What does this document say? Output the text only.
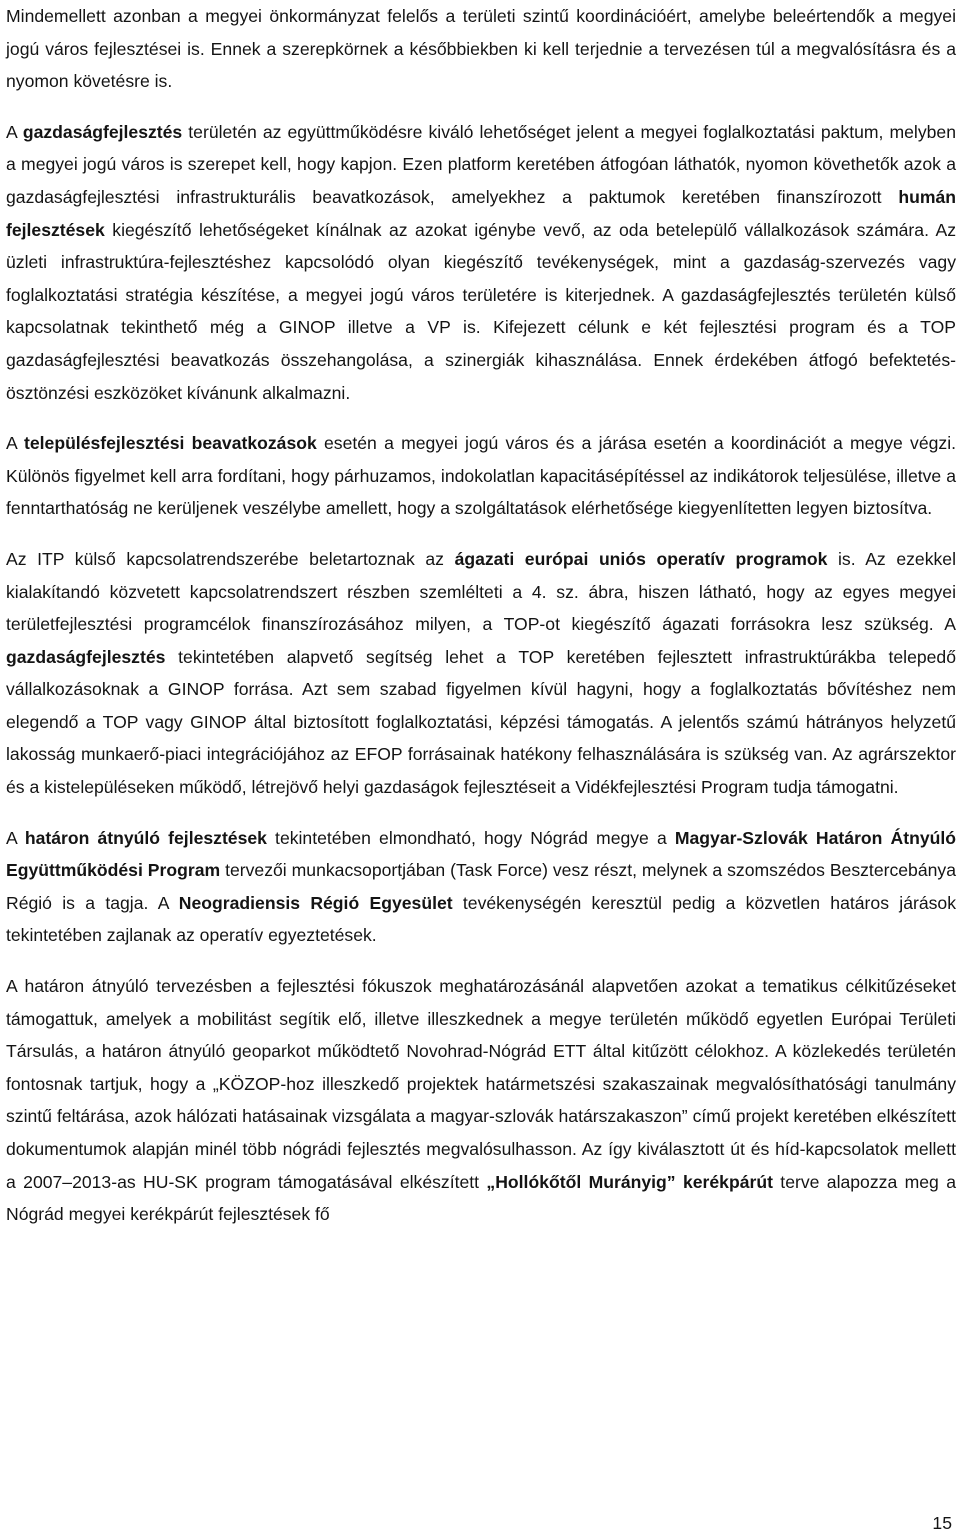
Mindemellett azonban a megyei önkormányzat felelős a területi szintű koordinációért, amelybe beleértendők a megyei jogú város fejlesztései is. Ennek a szerepkörnek a későbbiekben ki kell terjednie a tervezésen túl a megvalósításra és a nyomon követésre is.

A gazdaságfejlesztés területén az együttműködésre kiváló lehetőséget jelent a megyei foglalkoztatási paktum, melyben a megyei jogú város is szerepet kell, hogy kapjon. Ezen platform keretében átfogóan láthatók, nyomon követhetők azok a gazdaságfejlesztési infrastrukturális beavatkozások, amelyekhez a paktumok keretében finanszírozott humán fejlesztések kiegészítő lehetőségeket kínálnak az azokat igénybe vevő, az oda betelepülő vállalkozások számára. Az üzleti infrastruktúra-fejlesztéshez kapcsolódó olyan kiegészítő tevékenységek, mint a gazdaság-szervezés vagy foglalkoztatási stratégia készítése, a megyei jogú város területére is kiterjednek. A gazdaságfejlesztés területén külső kapcsolatnak tekinthető még a GINOP illetve a VP is. Kifejezett célunk e két fejlesztési program és a TOP gazdaságfejlesztési beavatkozás összehangolása, a szinergiák kihasználása. Ennek érdekében átfogó befektetés-ösztönzési eszközöket kívánunk alkalmazni.

A településfejlesztési beavatkozások esetén a megyei jogú város és a járása esetén a koordinációt a megye végzi. Különös figyelmet kell arra fordítani, hogy párhuzamos, indokolatlan kapacitásépítéssel az indikátorok teljesülése, illetve a fenntarthatóság ne kerüljenek veszélybe amellett, hogy a szolgáltatások elérhetősége kiegyenlítetten legyen biztosítva.

Az ITP külső kapcsolatrendszerébe beletartoznak az ágazati európai uniós operatív programok is. Az ezekkel kialakítandó közvetett kapcsolatrendszert részben szemlélteti a 4. sz. ábra, hiszen látható, hogy az egyes megyei területfejlesztési programcélok finanszírozásához milyen, a TOP-ot kiegészítő ágazati forrásokra lesz szükség. A gazdaságfejlesztés tekintetében alapvető segítség lehet a TOP keretében fejlesztett infrastruktúrákba telepedő vállalkozásoknak a GINOP forrása. Azt sem szabad figyelmen kívül hagyni, hogy a foglalkoztatás bővítéshez nem elegendő a TOP vagy GINOP által biztosított foglalkoztatási, képzési támogatás. A jelentős számú hátrányos helyzetű lakosság munkaerő-piaci integrációjához az EFOP forrásainak hatékony felhasználására is szükség van. Az agrárszektor és a kistelepüléseken működő, létrejövő helyi gazdaságok fejlesztéseit a Vidékfejlesztési Program tudja támogatni.

A határon átnyúló fejlesztések tekintetében elmondható, hogy Nógrád megye a Magyar-Szlovák Határon Átnyúló Együttműködési Program tervezői munkacsoportjában (Task Force) vesz részt, melynek a szomszédos Besztercebánya Régió is a tagja. A Neogradiensis Régió Egyesület tevékenységén keresztül pedig a közvetlen határos járások tekintetében zajlanak az operatív egyeztetések.

A határon átnyúló tervezésben a fejlesztési fókuszok meghatározásánál alapvetően azokat a tematikus célkitűzéseket támogattuk, amelyek a mobilitást segítik elő, illetve illeszkednek a megye területén működő egyetlen Európai Területi Társulás, a határon átnyúló geoparkot működtető Novohrad-Nógrád ETT által kitűzött célokhoz. A közlekedés területén fontosnak tartjuk, hogy a „KÖZOP-hoz illeszkedő projektek határmetszési szakaszainak megvalósíthatósági tanulmány szintű feltárása, azok hálózati hatásainak vizsgálata a magyar-szlovák határszakaszon” című projekt keretében elkészített dokumentumok alapján minél több nógrádi fejlesztés megvalósulhasson. Az így kiválasztott út és híd-kapcsolatok mellett a 2007–2013-as HU-SK program támogatásával elkészített „Hollókőtől Murányig” kerékpárút terve alapozza meg a Nógrád megyei kerékpárút fejlesztések fő

15
